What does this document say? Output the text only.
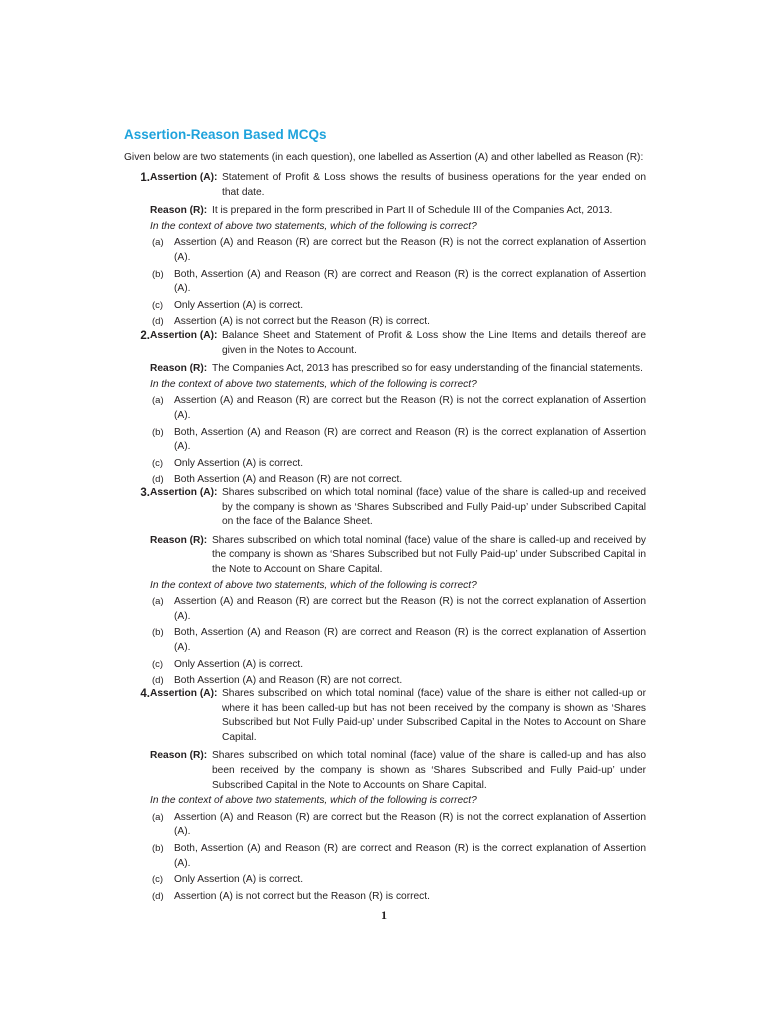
Assertion-Reason Based MCQs
Given below are two statements (in each question), one labelled as Assertion (A) and other labelled as Reason (R):
1. Assertion (A): Statement of Profit & Loss shows the results of business operations for the year ended on that date.
Reason (R): It is prepared in the form prescribed in Part II of Schedule III of the Companies Act, 2013.
In the context of above two statements, which of the following is correct?
(a) Assertion (A) and Reason (R) are correct but the Reason (R) is not the correct explanation of Assertion (A).
(b) Both, Assertion (A) and Reason (R) are correct and Reason (R) is the correct explanation of Assertion (A).
(c) Only Assertion (A) is correct.
(d) Assertion (A) is not correct but the Reason (R) is correct.
2. Assertion (A): Balance Sheet and Statement of Profit & Loss show the Line Items and details thereof are given in the Notes to Account.
Reason (R): The Companies Act, 2013 has prescribed so for easy understanding of the financial statements.
In the context of above two statements, which of the following is correct?
(a) Assertion (A) and Reason (R) are correct but the Reason (R) is not the correct explanation of Assertion (A).
(b) Both, Assertion (A) and Reason (R) are correct and Reason (R) is the correct explanation of Assertion (A).
(c) Only Assertion (A) is correct.
(d) Both Assertion (A) and Reason (R) are not correct.
3. Assertion (A): Shares subscribed on which total nominal (face) value of the share is called-up and received by the company is shown as ‘Shares Subscribed and Fully Paid-up’ under Subscribed Capital on the face of the Balance Sheet.
Reason (R): Shares subscribed on which total nominal (face) value of the share is called-up and received by the company is shown as ‘Shares Subscribed but not Fully Paid-up’ under Subscribed Capital in the Note to Account on Share Capital.
In the context of above two statements, which of the following is correct?
(a) Assertion (A) and Reason (R) are correct but the Reason (R) is not the correct explanation of Assertion (A).
(b) Both, Assertion (A) and Reason (R) are correct and Reason (R) is the correct explanation of Assertion (A).
(c) Only Assertion (A) is correct.
(d) Both Assertion (A) and Reason (R) are not correct.
4. Assertion (A): Shares subscribed on which total nominal (face) value of the share is either not called-up or where it has been called-up but has not been received by the company is shown as ‘Shares Subscribed but Not Fully Paid-up’ under Subscribed Capital in the Notes to Account on Share Capital.
Reason (R): Shares subscribed on which total nominal (face) value of the share is called-up and has also been received by the company is shown as ‘Shares Subscribed and Fully Paid-up’ under Subscribed Capital in the Note to Accounts on Share Capital.
In the context of above two statements, which of the following is correct?
(a) Assertion (A) and Reason (R) are correct but the Reason (R) is not the correct explanation of Assertion (A).
(b) Both, Assertion (A) and Reason (R) are correct and Reason (R) is the correct explanation of Assertion (A).
(c) Only Assertion (A) is correct.
(d) Assertion (A) is not correct but the Reason (R) is correct.
1
